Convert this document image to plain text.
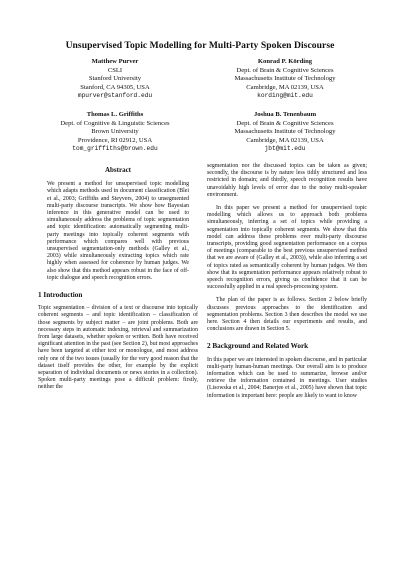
Unsupervised Topic Modelling for Multi-Party Spoken Discourse
Matthew Purver
CSLI
Stanford University
Stanford, CA 94305, USA
mpurver@stanford.edu
Konrad P. Körding
Dept. of Brain & Cognitive Sciences
Massachusetts Institute of Technology
Cambridge, MA 02139, USA
kording@mit.edu
Thomas L. Griffiths
Dept. of Cognitive & Linguistic Sciences
Brown University
Providence, RI 02912, USA
tom_griffiths@brown.edu
Joshua B. Tenenbaum
Dept. of Brain & Cognitive Sciences
Massachusetts Institute of Technology
Cambridge, MA 02139, USA
jbt@mit.edu
Abstract

We present a method for unsupervised topic modelling which adapts methods used in document classification (Blei et al., 2003; Griffiths and Steyvers, 2004) to unsegmented multi-party discourse transcripts. We show how Bayesian inference in this generative model can be used to simultaneously address the problems of topic segmentation and topic identification: automatically segmenting multi-party meetings into topically coherent segments with performance which compares well with previous unsupervised segmentation-only methods (Galley et al., 2003) while simultaneously extracting topics which rate highly when assessed for coherence by human judges. We also show that this method appears robust in the face of off-topic dialogue and speech recognition errors.

1 Introduction

Topic segmentation – division of a text or discourse into topically coherent segments – and topic identification – classification of those segments by subject matter – are joint problems. Both are necessary steps in automatic indexing, retrieval and summarization from large datasets, whether spoken or written. Both have received significant attention in the past (see Section 2), but most approaches have been targeted at either text or monologue, and most address only one of the two issues (usually for the very good reason that the dataset itself provides the other, for example by the explicit separation of individual documents or news stories in a collection). Spoken multi-party meetings pose a difficult problem: firstly, neither the

segmentation nor the discussed topics can be taken as given; secondly, the discourse is by nature less tidily structured and less restricted in domain; and thirdly, speech recognition results have unavoidably high levels of error due to the noisy multi-speaker environment.

In this paper we present a method for unsupervised topic modelling which allows us to approach both problems simultaneously, inferring a set of topics while providing a segmentation into topically coherent segments. We show that this model can address these problems over multi-party discourse transcripts, providing good segmentation performance on a corpus of meetings (comparable to the best previous unsupervised method that we are aware of (Galley et al., 2003)), while also inferring a set of topics rated as semantically coherent by human judges. We then show that its segmentation performance appears relatively robust to speech recognition errors, giving us confidence that it can be successfully applied in a real speech-processing system.

The plan of the paper is as follows. Section 2 below briefly discusses previous approaches to the identification and segmentation problems. Section 3 then describes the model we use here. Section 4 then details our experiments and results, and conclusions are drawn in Section 5.

2 Background and Related Work

In this paper we are interested in spoken discourse, and in particular multi-party human-human meetings. Our overall aim is to produce information which can be used to summarize, browse and/or retrieve the information contained in meetings. User studies (Lisowska et al., 2004; Banerjee et al., 2005) have shown that topic information is important here: people are likely to want to know
